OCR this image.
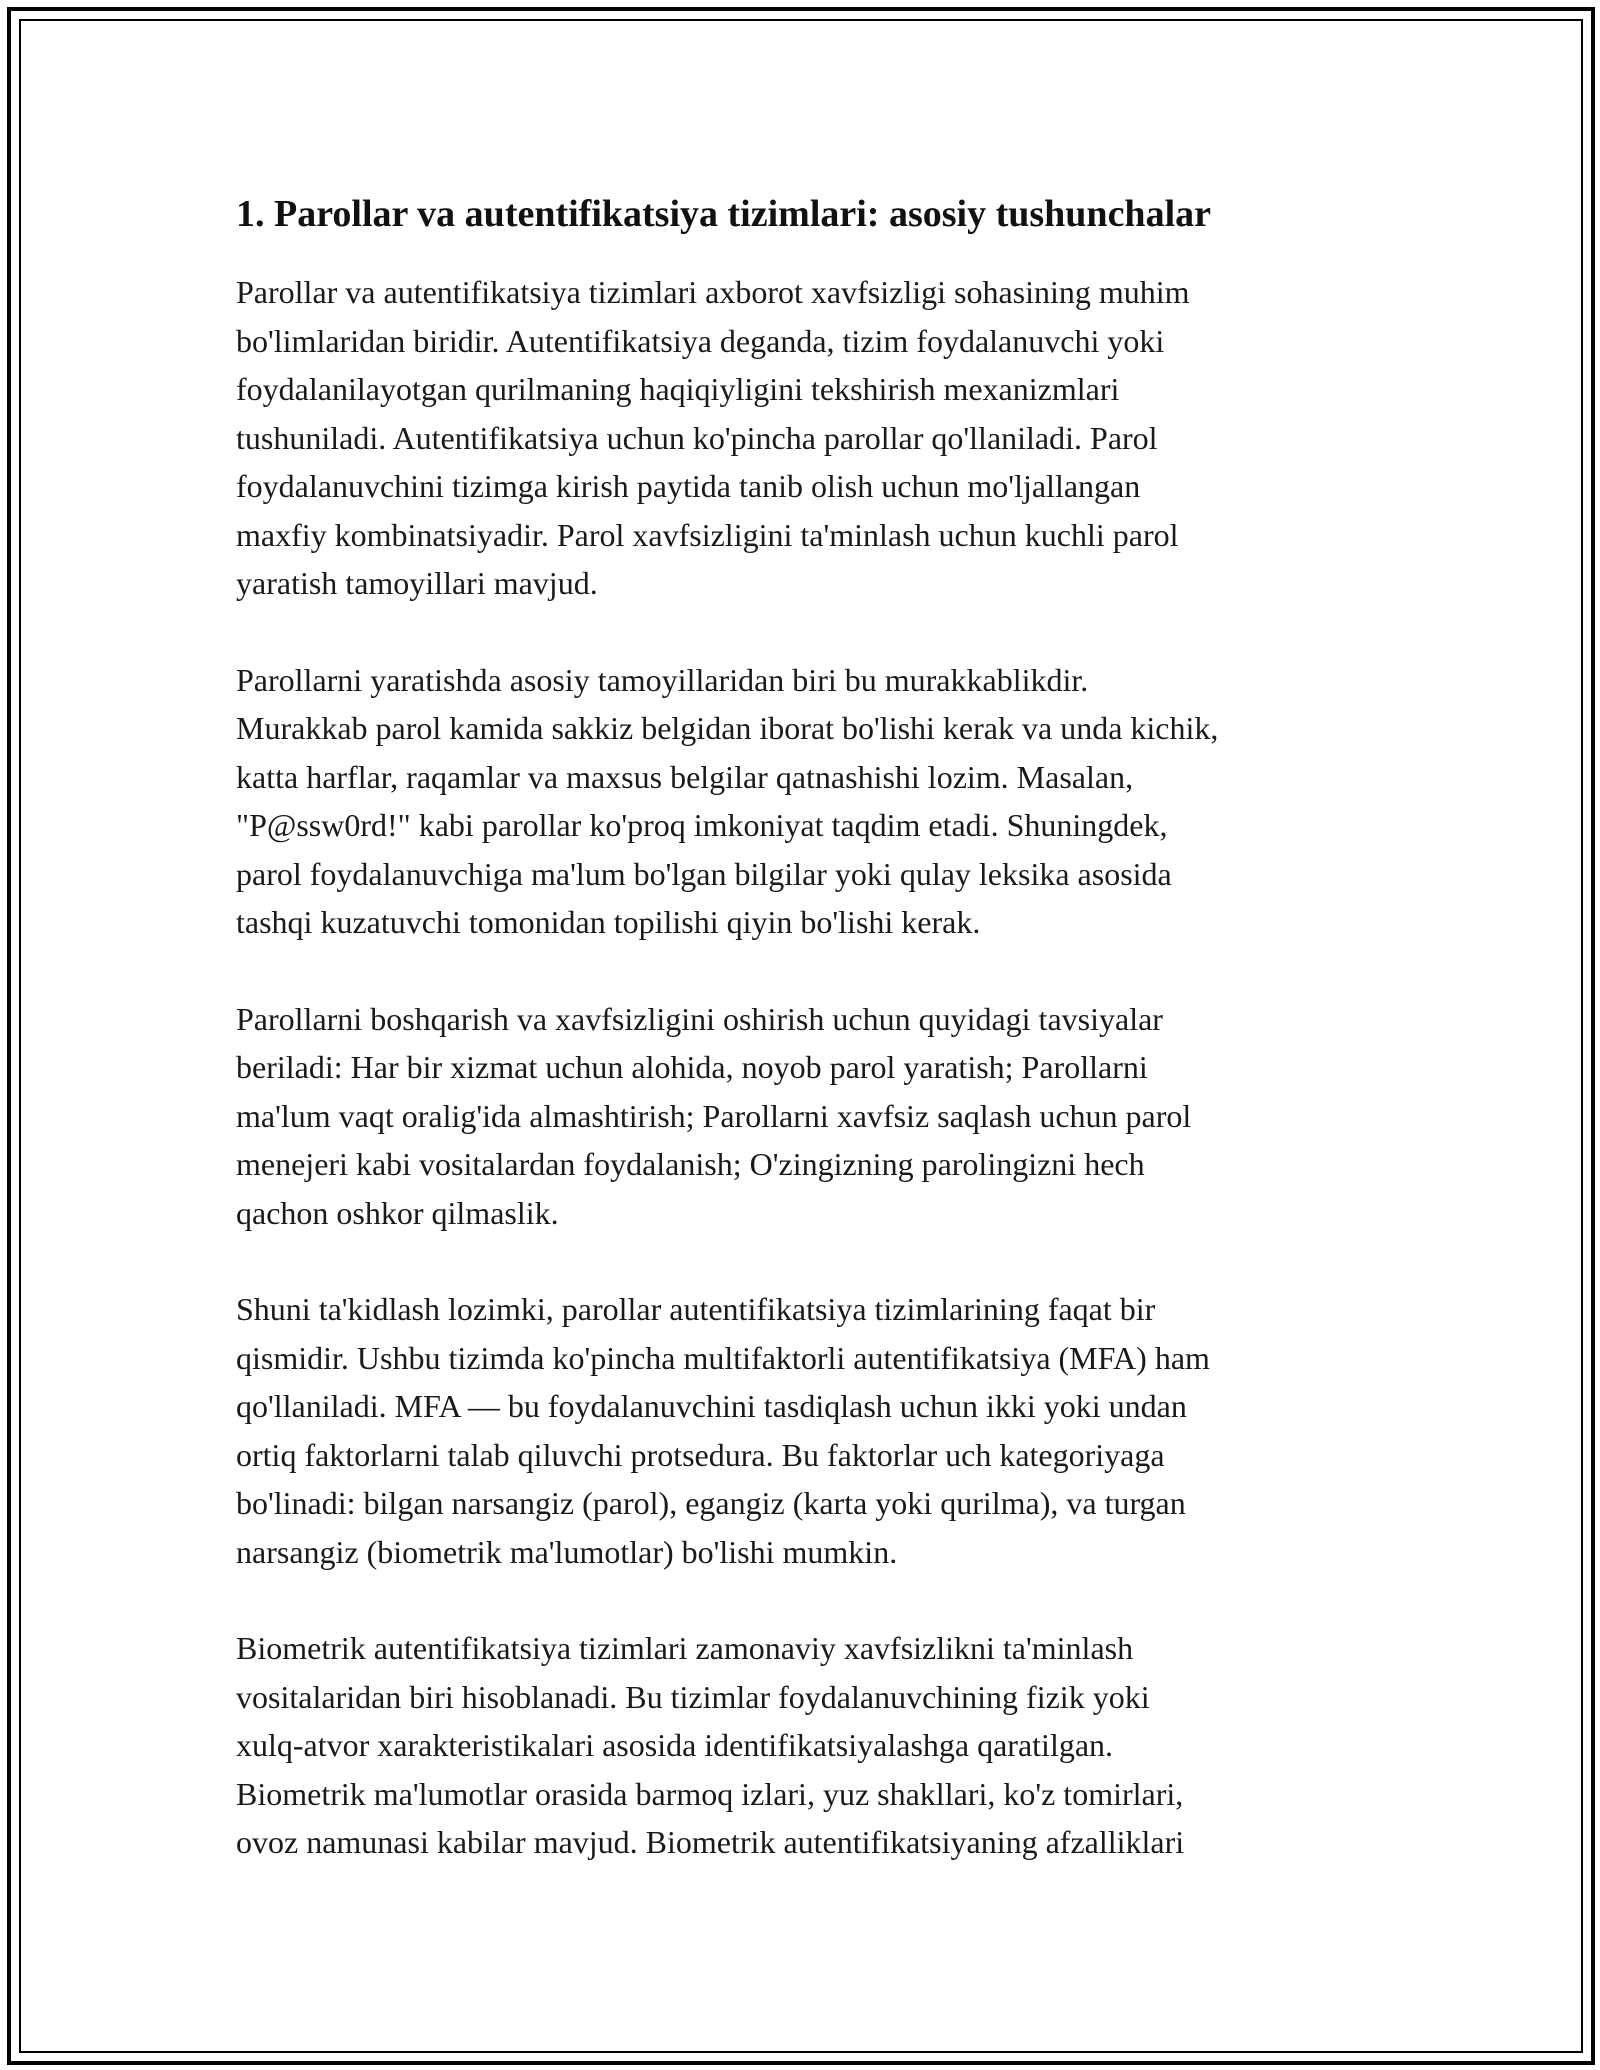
1. Parollar va autentifikatsiya tizimlari: asosiy tushunchalar

Parollar va autentifikatsiya tizimlari axborot xavfsizligi sohasining muhim
bo'limlaridan biridir. Autentifikatsiya deganda, tizim foydalanuvchi yoki
foydalanilayotgan qurilmaning haqiqiyligini tekshirish mexanizmlari
tushuniladi. Autentifikatsiya uchun ko'pincha parollar qo'llaniladi. Parol
foydalanuvchini tizimga kirish paytida tanib olish uchun mo'ljallangan
maxfiy kombinatsiyadir. Parol xavfsizligini ta'minlash uchun kuchli parol
yaratish tamoyillari mavjud.

Parollarni yaratishda asosiy tamoyillaridan biri bu murakkablikdir.
Murakkab parol kamida sakkiz belgidan iborat bo'lishi kerak va unda kichik,
katta harflar, raqamlar va maxsus belgilar qatnashishi lozim. Masalan,
"P@ssw0rd!" kabi parollar ko'proq imkoniyat taqdim etadi. Shuningdek,
parol foydalanuvchiga ma'lum bo'lgan bilgilar yoki qulay leksika asosida
tashqi kuzatuvchi tomonidan topilishi qiyin bo'lishi kerak.

Parollarni boshqarish va xavfsizligini oshirish uchun quyidagi tavsiyalar
beriladi: Har bir xizmat uchun alohida, noyob parol yaratish; Parollarni
ma'lum vaqt oralig'ida almashtirish; Parollarni xavfsiz saqlash uchun parol
menejeri kabi vositalardan foydalanish; O'zingizning parolingizni hech
qachon oshkor qilmaslik.

Shuni ta'kidlash lozimki, parollar autentifikatsiya tizimlarining faqat bir
qismidir. Ushbu tizimda ko'pincha multifaktorli autentifikatsiya (MFA) ham
qo'llaniladi. MFA — bu foydalanuvchini tasdiqlash uchun ikki yoki undan
ortiq faktorlarni talab qiluvchi protsedura. Bu faktorlar uch kategoriyaga
bo'linadi: bilgan narsangiz (parol), egangiz (karta yoki qurilma), va turgan
narsangiz (biometrik ma'lumotlar) bo'lishi mumkin.

Biometrik autentifikatsiya tizimlari zamonaviy xavfsizlikni ta'minlash
vositalaridan biri hisoblanadi. Bu tizimlar foydalanuvchining fizik yoki
xulq-atvor xarakteristikalari asosida identifikatsiyalashga qaratilgan.
Biometrik ma'lumotlar orasida barmoq izlari, yuz shakllari, ko'z tomirlari,
ovoz namunasi kabilar mavjud. Biometrik autentifikatsiyaning afzalliklari
